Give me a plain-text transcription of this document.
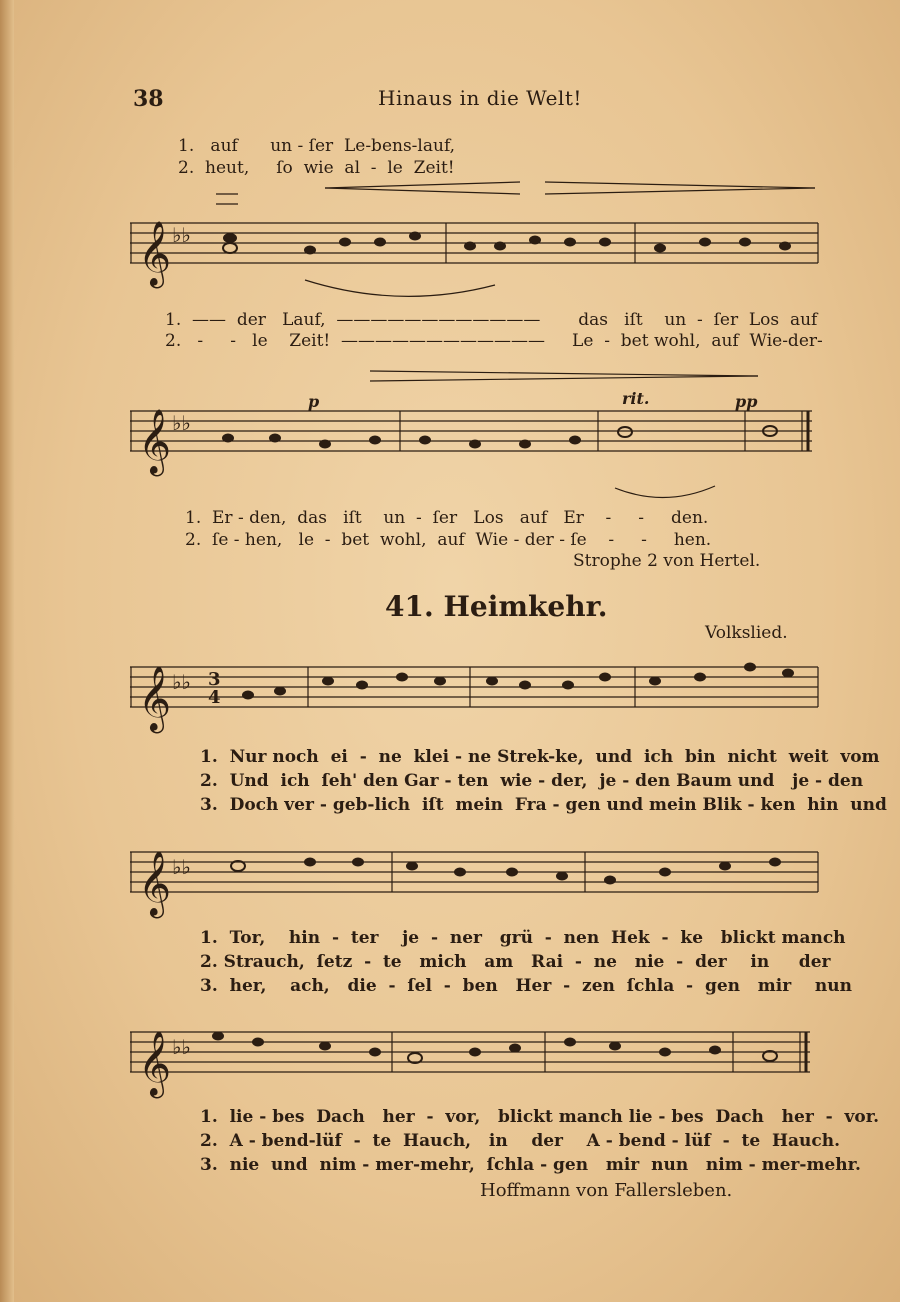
38	Hinaus in die Welt!
1.   auf      un - ſer  Le-bens-lauf,
2.  heut,     ſo  wie  al  -  le  Zeit!
𝄞 ♭♭
1.  ——  der   Lauf,  ————————————       das   iſt    un  -  ſer  Los  auf
2.   -     -   le    Zeit!  ————————————     Le  -  bet wohl,  auf  Wie-der-
𝄞 ♭♭
p	rit.	pp
1.  Er - den,  das   iſt    un  -  ſer   Los   auf   Er    -     -     den.
2.  ſe - hen,   le  -  bet  wohl,  auf  Wie - der - ſe    -     -     hen.
Strophe 2 von Hertel.
41. Heimkehr.
Volkslied.
𝄞 ♭♭ 3
4
1.  Nur noch  ei  -  ne  klei - ne Strek-ke,  und  ich  bin  nicht  weit  vom
2.  Und  ich  ſeh' den Gar - ten  wie - der,  je - den Baum und   je - den
3.  Doch ver - geb-lich  iſt  mein  Fra - gen und mein Blik - ken  hin  und
𝄞 ♭♭
1.  Tor,    hin  -  ter    je  -  ner   grü  -  nen  Hek  -  ke   blickt manch
2. Strauch,  ſetz  -  te   mich   am   Rai  -  ne   nie  -  der    in     der
3.  her,    ach,   die  -  ſel  -  ben   Her  -  zen  ſchla  -  gen   mir    nun
𝄞 ♭♭
1.  lie - bes  Dach   her  -  vor,   blickt manch lie - bes  Dach   her  -  vor.
2.  A - bend-lüf  -  te  Hauch,   in    der    A - bend - lüf  -  te  Hauch.
3.  nie  und  nim - mer-mehr,  ſchla - gen   mir  nun   nim - mer-mehr.
Hoffmann von Fallersleben.
